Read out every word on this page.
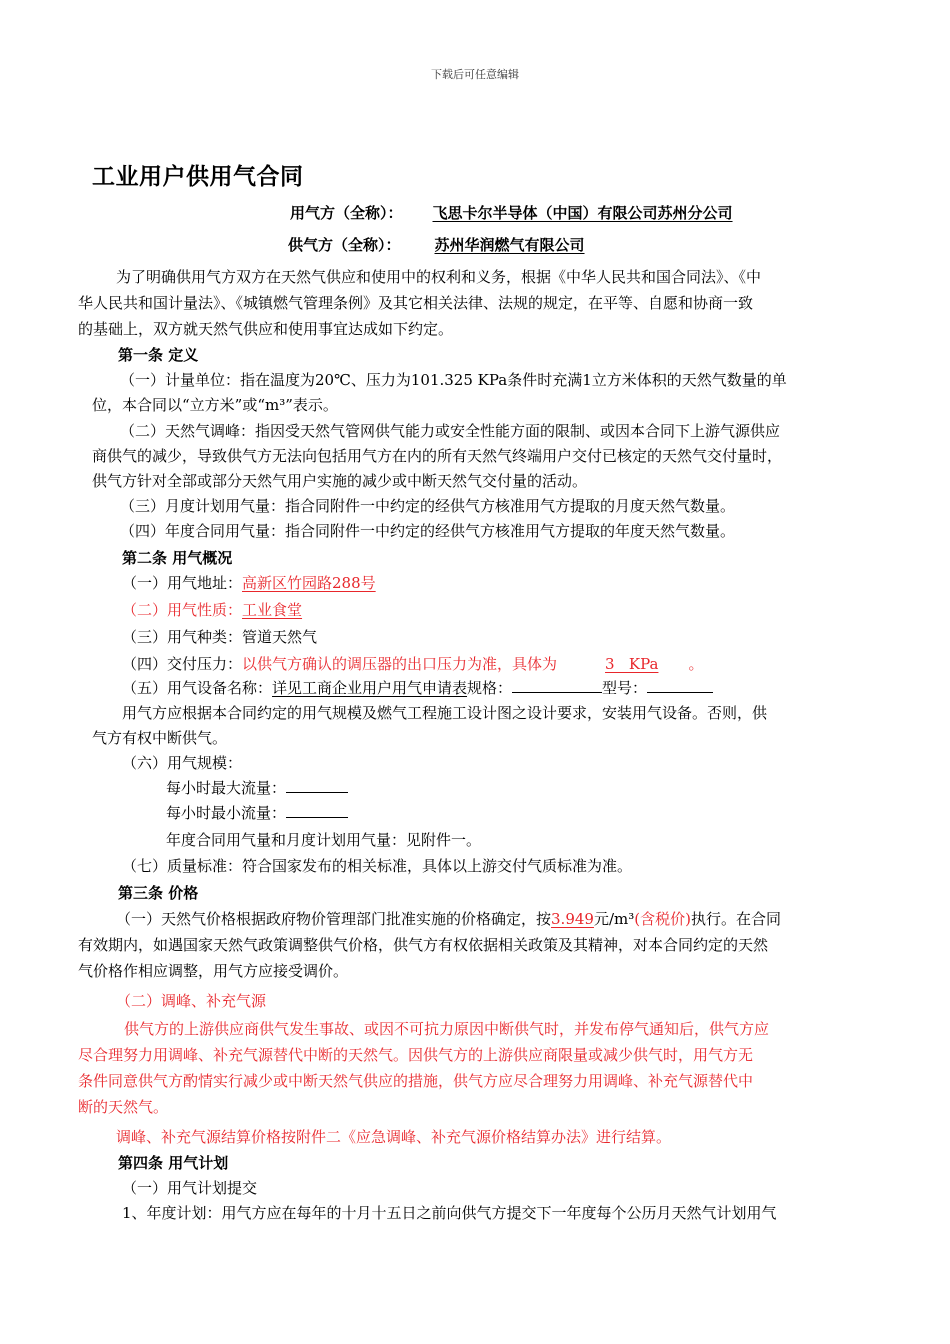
下载后可任意编辑
工业用户供用气合同
用气方（全称）： 飞思卡尔半导体（中国）有限公司苏州分公司
供气方（全称）： 苏州华润燃气有限公司
为了明确供用气方双方在天然气供应和使用中的权利和义务，根据《中华人民共和国合同法》、《中
华人民共和国计量法》、《城镇燃气管理条例》及其它相关法律、法规的规定，在平等、自愿和协商一致
的基础上，双方就天然气供应和使用事宜达成如下约定。
第一条 定义
（一）计量单位：指在温度为20℃、压力为101.325 KPa条件时充满1立方米体积的天然气数量的单
位，本合同以“立方米”或“m³”表示。
（二）天然气调峰：指因受天然气管网供气能力或安全性能方面的限制、或因本合同下上游气源供应
商供气的减少，导致供气方无法向包括用气方在内的所有天然气终端用户交付已核定的天然气交付量时，
供气方针对全部或部分天然气用户实施的减少或中断天然气交付量的活动。
（三）月度计划用气量：指合同附件一中约定的经供气方核准用气方提取的月度天然气数量。
（四）年度合同用气量：指合同附件一中约定的经供气方核准用气方提取的年度天然气数量。
第二条 用气概况
（一）用气地址：高新区竹园路288号
（二）用气性质：工业食堂
（三）用气种类：管道天然气
（四）交付压力：以供气方确认的调压器的出口压力为准，具体为	3   KPa 。
（五）用气设备名称：详见工商企业用户用气申请表规格：	型号：
用气方应根据本合同约定的用气规模及燃气工程施工设计图之设计要求，安装用气设备。否则，供
气方有权中断供气。
（六）用气规模：
每小时最大流量：
每小时最小流量：
年度合同用气量和月度计划用气量：见附件一。
（七）质量标准：符合国家发布的相关标准，具体以上游交付气质标准为准。
第三条 价格
（一）天然气价格根据政府物价管理部门批准实施的价格确定，按3.949元/m³(含税价)执行。在合同
有效期内，如遇国家天然气政策调整供气价格，供气方有权依据相关政策及其精神，对本合同约定的天然
气价格作相应调整，用气方应接受调价。
（二）调峰、补充气源
供气方的上游供应商供气发生事故、或因不可抗力原因中断供气时，并发布停气通知后，供气方应
尽合理努力用调峰、补充气源替代中断的天然气。因供气方的上游供应商限量或减少供气时，用气方无
条件同意供气方酌情实行减少或中断天然气供应的措施，供气方应尽合理努力用调峰、补充气源替代中
断的天然气。
调峰、补充气源结算价格按附件二《应急调峰、补充气源价格结算办法》进行结算。
第四条 用气计划
（一）用气计划提交
1、年度计划：用气方应在每年的十月十五日之前向供气方提交下一年度每个公历月天然气计划用气
